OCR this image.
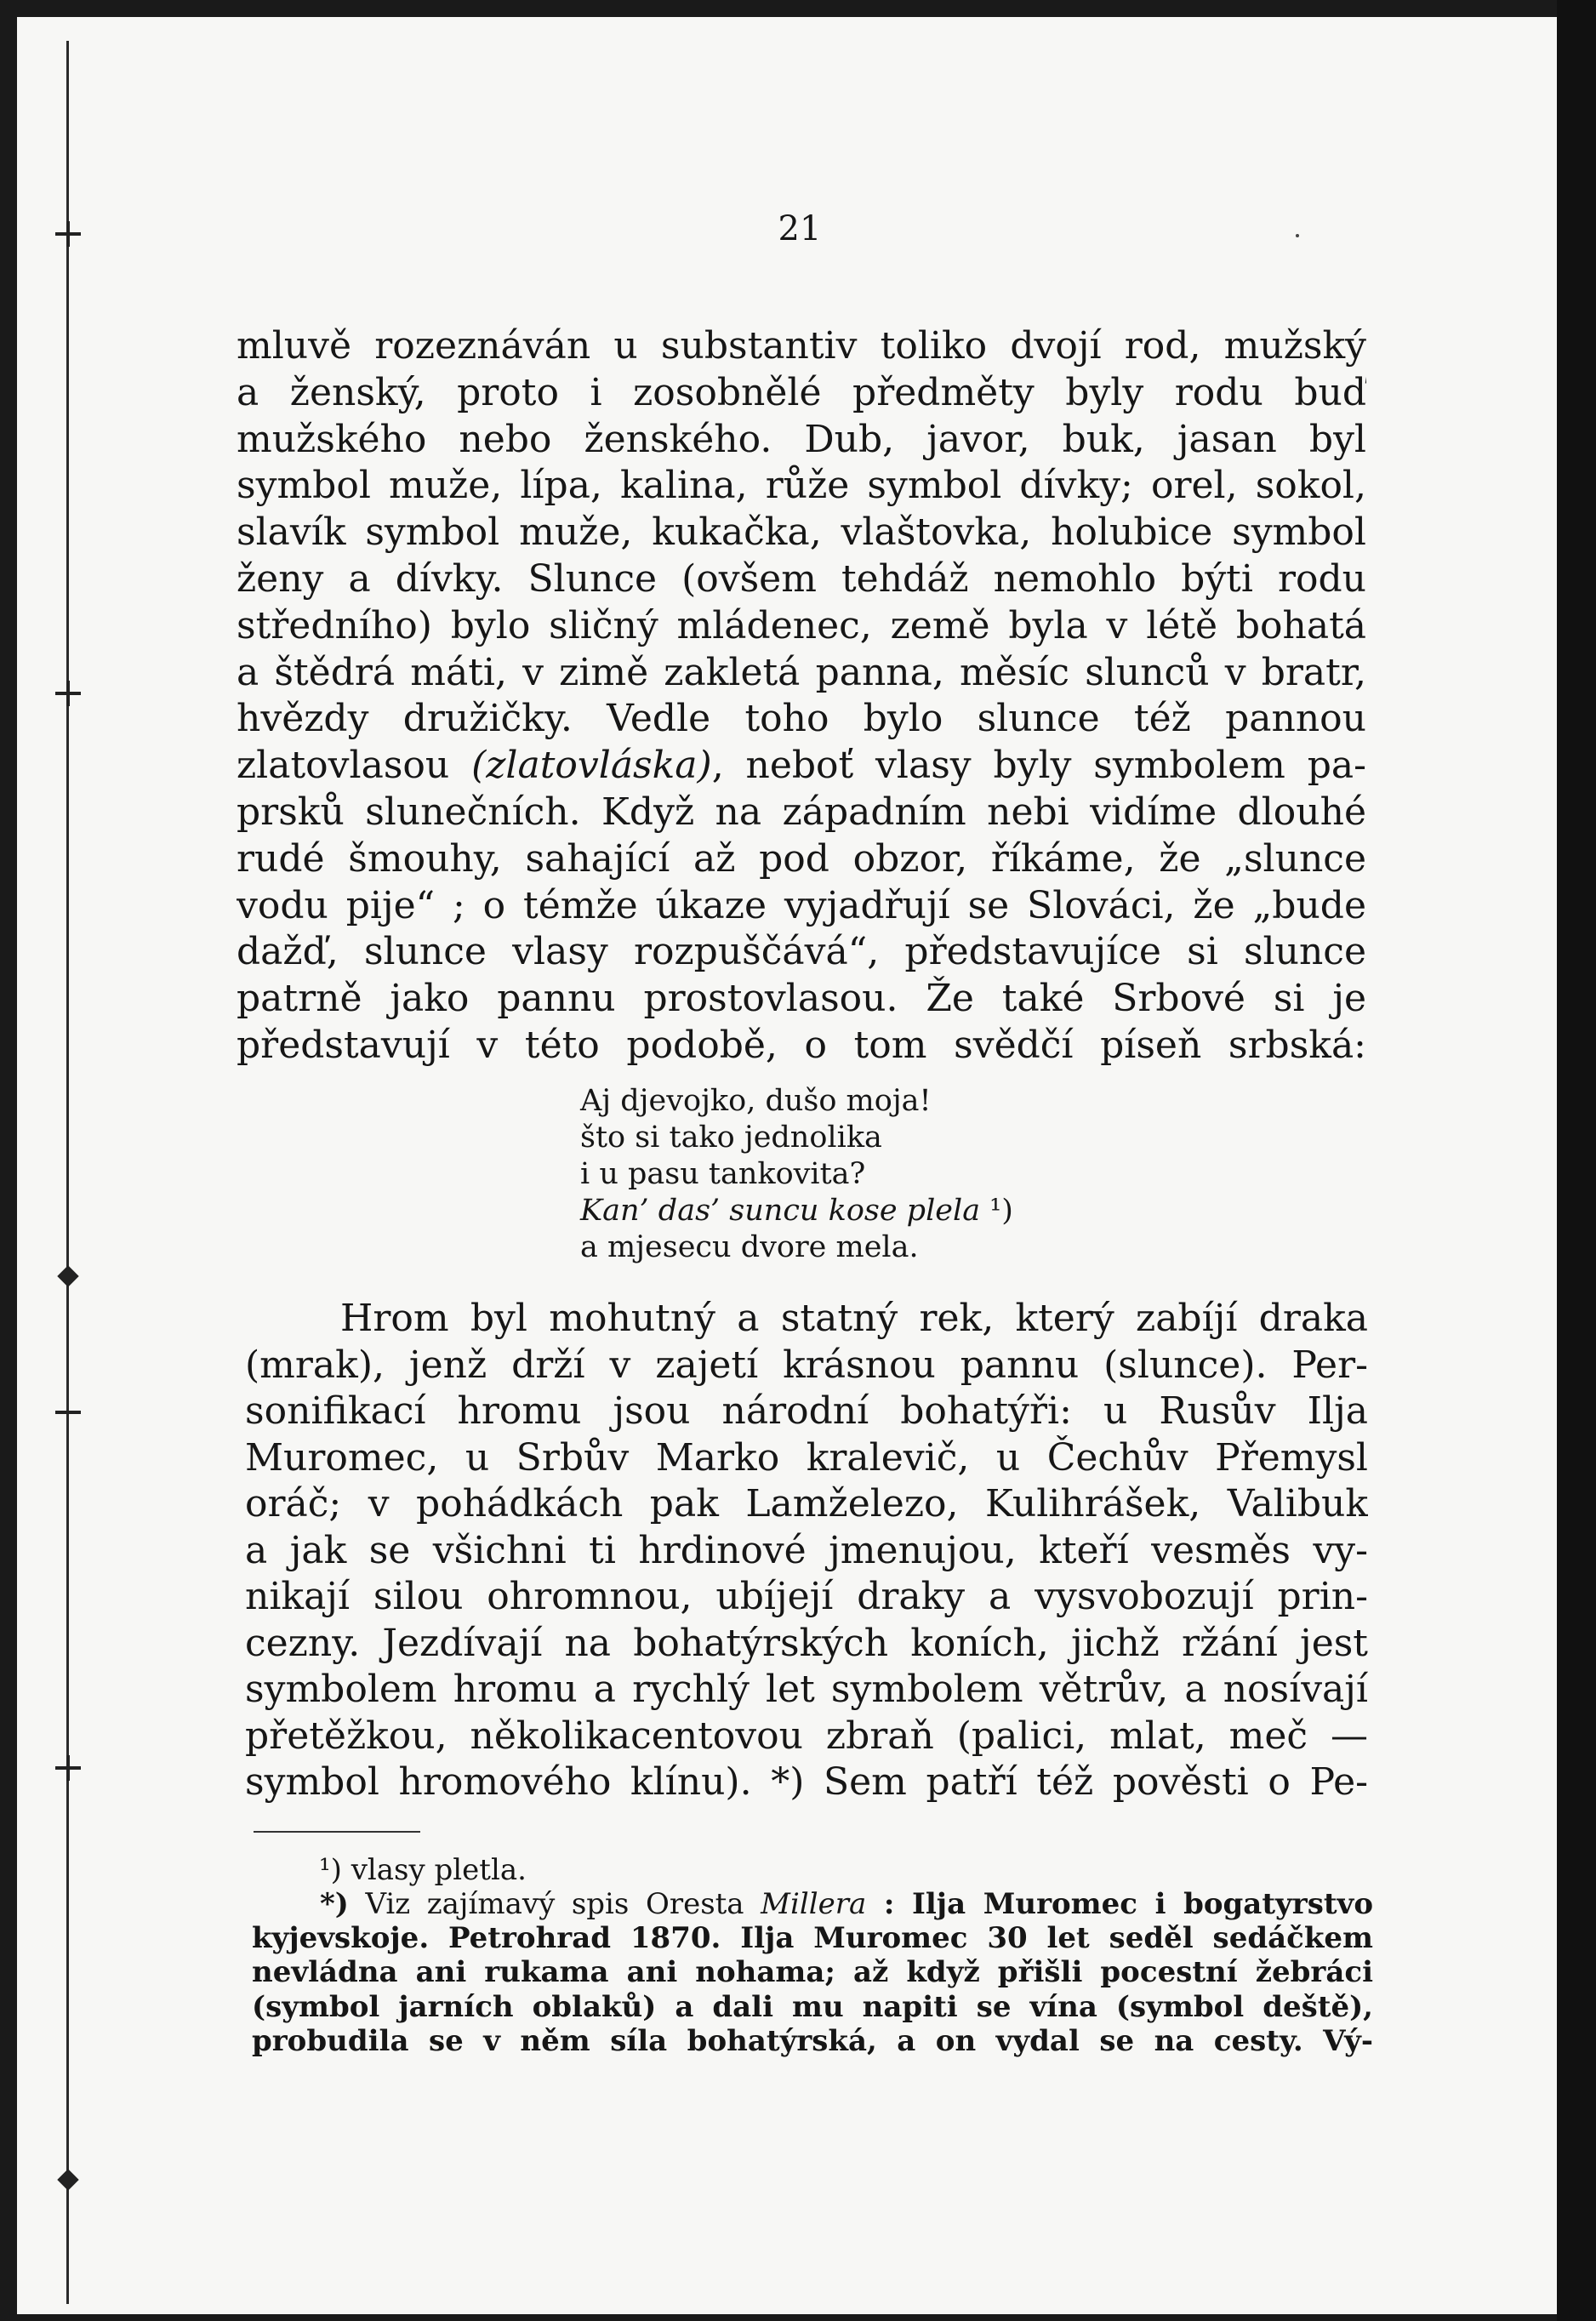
21
mluvě rozeznáván u substantiv toliko dvojí rod, mužský
a ženský, proto i zosobnělé předměty byly rodu buď
mužského nebo ženského. Dub, javor, buk, jasan byl
symbol muže, lípa, kalina, růže symbol dívky; orel, sokol,
slavík symbol muže, kukačka, vlaštovka, holubice symbol
ženy a dívky. Slunce (ovšem tehdáž nemohlo býti rodu
středního) bylo sličný mládenec, země byla v létě bohatá
a štědrá máti, v zimě zakletá panna, měsíc slunců v bratr,
hvězdy družičky. Vedle toho bylo slunce též pannou
zlatovlasou (zlatovláska), neboť vlasy byly symbolem pa-
prsků slunečních. Když na západním nebi vidíme dlouhé
rudé šmouhy, sahající až pod obzor, říkáme, že „slunce
vodu pije“ ; o témže úkaze vyjadřují se Slováci, že „bude
dažď, slunce vlasy rozpuščává“, představujíce si slunce
patrně jako pannu prostovlasou. Že také Srbové si je
představují v této podobě, o tom svědčí píseň srbská:
Aj djevojko, dušo moja!
što si tako jednolika
i u pasu tankovita?
Kan’ das’ suncu kose plela ¹)
a mjesecu dvore mela.
Hrom byl mohutný a statný rek, který zabíjí draka
(mrak), jenž drží v zajetí krásnou pannu (slunce). Per-
sonifikací hromu jsou národní bohatýři: u Rusův Ilja
Muromec, u Srbův Marko kralevič, u Čechův Přemysl
oráč; v pohádkách pak Lamželezo, Kulihrášek, Valibuk
a jak se všichni ti hrdinové jmenujou, kteří vesměs vy-
nikají silou ohromnou, ubíjejí draky a vysvobozují prin-
cezny. Jezdívají na bohatýrských koních, jichž ržání jest
symbolem hromu a rychlý let symbolem větrův, a nosívají
přetěžkou, několikacentovou zbraň (palici, mlat, meč —
symbol hromového klínu). *) Sem patří též pověsti o Pe-
¹) vlasy pletla.
*) Viz zajímavý spis Oresta Millera : Ilja Muromec i bogatyrstvo
kyjevskoje. Petrohrad 1870. Ilja Muromec 30 let seděl sedáčkem
nevládna ani rukama ani nohama; až když přišli pocestní žebráci
(symbol jarních oblaků) a dali mu napiti se vína (symbol deště),
probudila se v něm síla bohatýrská, a on vydal se na cesty. Vý-
